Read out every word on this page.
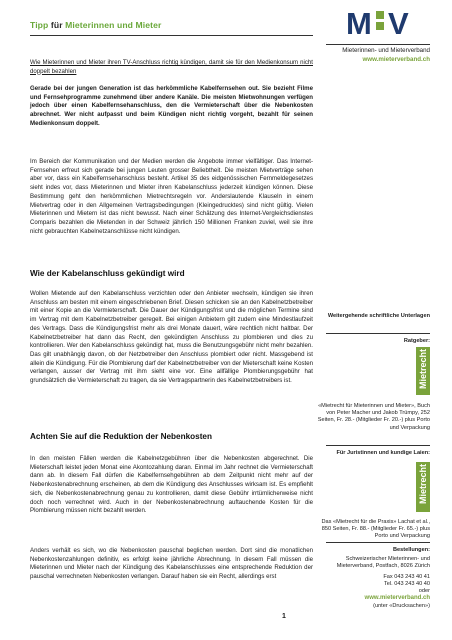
Tipp für Mieterinnen und Mieter	M V
Mieterinnen- und Mieterverband
www.mieterverband.ch

Wie Mieterinnen und Mieter ihren TV-Anschluss richtig kündigen, damit sie für den Medienkonsum nicht doppelt bezahlen

Gerade bei der jungen Generation ist das herkömmliche Kabelfernsehen out. Sie bezieht Filme und Fernsehprogramme zunehmend über andere Kanäle. Die meisten Mietwohnungen verfügen jedoch über einen Kabelfernsehanschluss, den die Vermieterschaft über die Nebenkosten abrechnet. Wer nicht aufpasst und beim Kündigen nicht richtig vorgeht, bezahlt für seinen Medienkonsum doppelt.

Im Bereich der Kommunikation und der Medien werden die Angebote immer vielfältiger. Das Internet-Fernsehen erfreut sich gerade bei jungen Leuten grosser Beliebtheit. Die meisten Mietverträge sehen aber vor, dass ein Kabelfernsehanschluss besteht. Artikel 35 des eidgenössischen Fernmeldegesetzes sieht indes vor, dass Mieterinnen und Mieter ihren Kabelanschluss jederzeit kündigen können. Diese Bestimmung geht den herkömmlichen Mietrechtsregeln vor. Anderslautende Klauseln in einem Mietvertrag oder in den Allgemeinen Vertragsbedingungen (Kleingedrucktes) sind nicht gültig. Vielen Mieterinnen und Mietern ist das nicht bewusst. Nach einer Schätzung des Internet-Vergleichsdienstes Comparis bezahlen die Mietenden in der Schweiz jährlich 150 Millionen Franken zuviel, weil sie ihre nicht gebrauchten Kabelnetzanschlüsse nicht kündigen.

Wie der Kabelanschluss gekündigt wird

Wollen Mietende auf den Kabelanschluss verzichten oder den Anbieter wechseln, kündigen sie ihren Anschluss am besten mit einem eingeschriebenen Brief. Diesen schicken sie an den Kabelnetzbetreiber mit einer Kopie an die Vermieterschaft. Die Dauer der Kündigungsfrist und die möglichen Termine sind im Vertrag mit dem Kabelnetzbetreiber geregelt. Bei einigen Anbietern gilt zudem eine Mindestlaufzeit des Vertrags. Dass die Kündigungsfrist mehr als drei Monate dauert, wäre rechtlich nicht haltbar. Der Kabelnetzbetreiber hat dann das Recht, den gekündigten Anschluss zu plombieren und dies zu kontrollieren. Wer den Kabelanschluss gekündigt hat, muss die Benutzungsgebühr nicht mehr bezahlen. Das gilt unabhängig davon, ob der Netzbetreiber den Anschluss plombiert oder nicht. Massgebend ist allein die Kündigung. Für die Plombierung darf der Kabelnetzbetreiber von der Mieterschaft keine Kosten verlangen, ausser der Vertrag mit ihm sieht eine vor. Eine allfällige Plombierungsgebühr hat grundsätzlich die Vermieterschaft zu tragen, da sie Vertragspartnerin des Kabelnetzbetreibers ist.

Achten Sie auf die Reduktion der Nebenkosten

In den meisten Fällen werden die Kabelnetzgebühren über die Nebenkosten abgerechnet. Die Mieterschaft leistet jeden Monat eine Akontozahlung daran. Einmal im Jahr rechnet die Vermieterschaft dann ab. In diesem Fall dürfen die Kabelfernsehgebühren ab dem Zeitpunkt nicht mehr auf der Nebenkostenabrechnung erscheinen, ab dem die Kündigung des Anschlusses wirksam ist. Es empfiehlt sich, die Nebenkostenabrechnung genau zu kontrollieren, damit diese Gebühr irrtümlicherweise nicht doch noch verrechnet wird. Auch in der Nebenkostenabrechnung auftauchende Kosten für die Plombierung müssen nicht bezahlt werden.

Anders verhält es sich, wo die Nebenkosten pauschal beglichen werden. Dort sind die monatlichen Nebenkostenzahlungen definitiv, es erfolgt keine jährliche Abrechnung. In diesem Fall müssen die Mieterinnen und Mieter nach der Kündigung des Kabelanschlusses eine entsprechende Reduktion der pauschal verrechneten Nebenkosten verlangen. Darauf haben sie ein Recht, allerdings erst

1
Weitergehende schriftliche Unterlagen
Ratgeber:
Mietrecht
«Mietrecht für Mieterinnen und Mieter», Buch von Peter Macher und Jakob Trümpy, 252 Seiten, Fr. 28.- (Mitglieder Fr. 20.-) plus Porto und Verpackung
Für Juristinnen und kundige Laien:
Mietrecht
Das «Mietrecht für die Praxis» Lachat et al., 850 Seiten, Fr. 88.- (Mitglieder Fr. 65.-) plus Porto und Verpackung
Bestellungen:
Schweizerischer Mieterinnen- und Mieterverband, Postfach, 8026 Zürich
Fax 043 243 40 41
Tel. 043 243 40 40
oder
www.mieterverband.ch
(unter «Drucksachen»)
